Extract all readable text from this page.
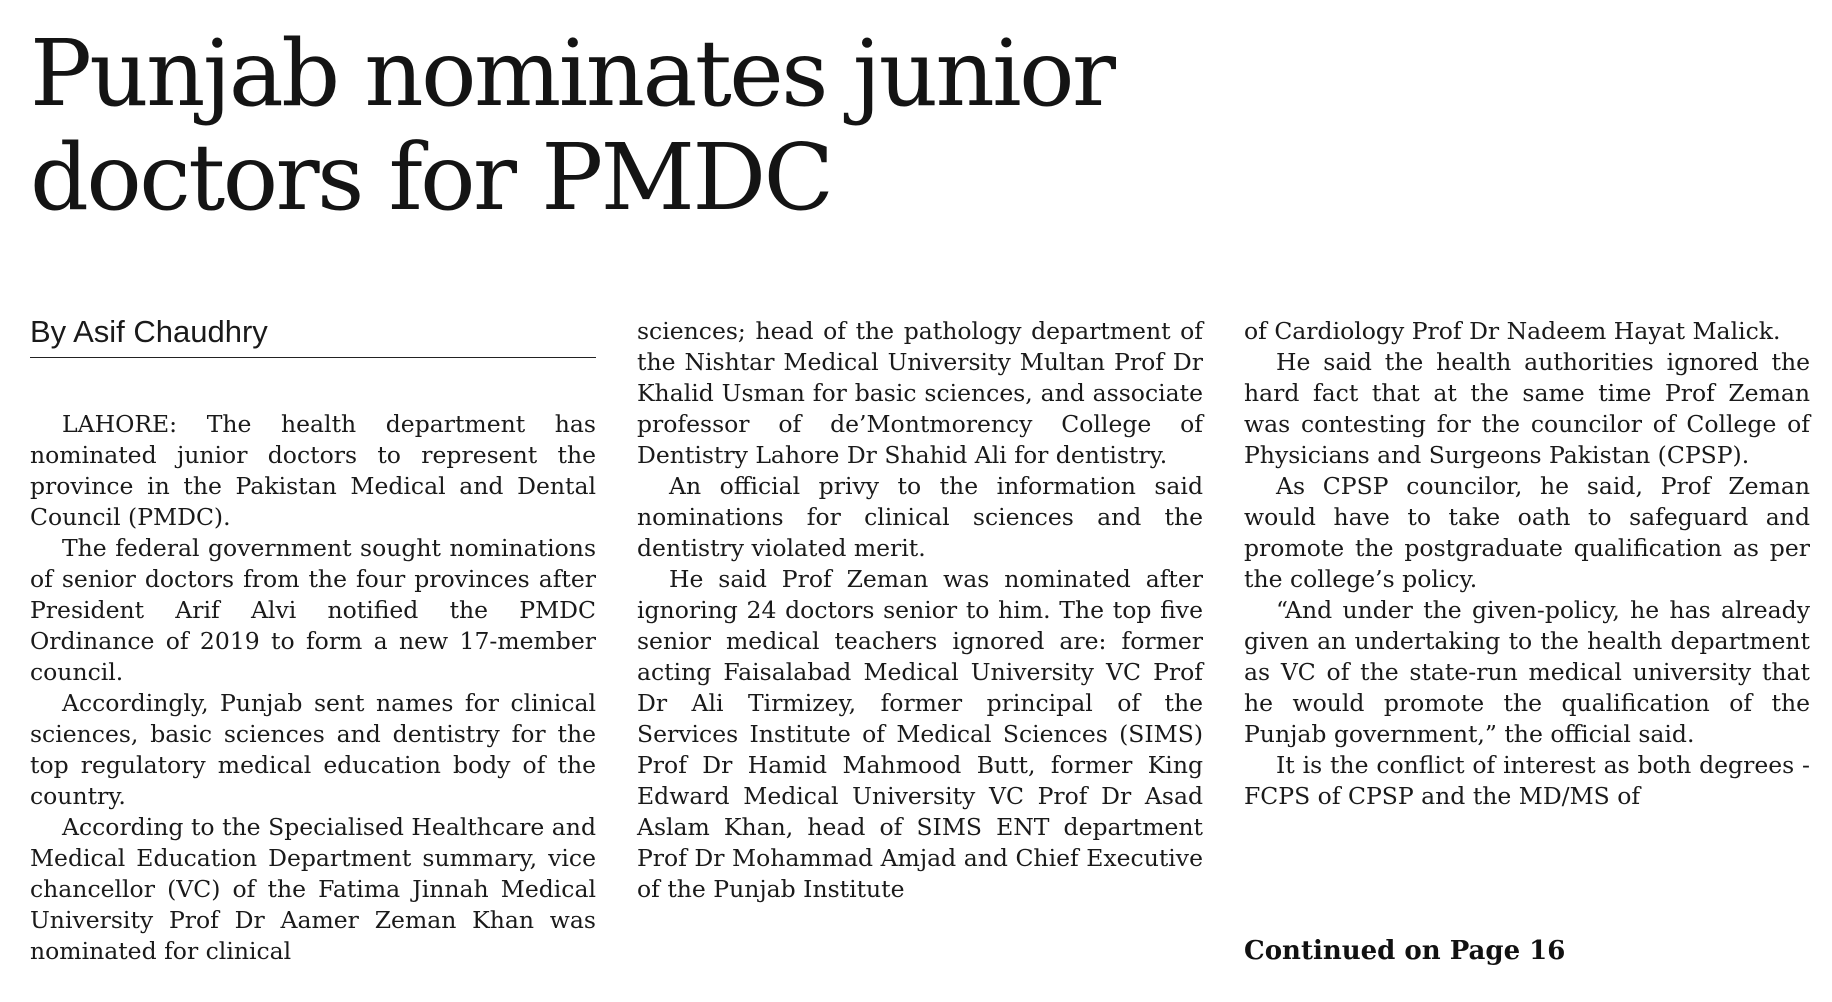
Punjab nominates junior doctors for PMDC
By Asif Chaudhry

LAHORE: The health department has nominated junior doctors to represent the province in the Pakistan Medical and Dental Council (PMDC).

The federal government sought nominations of senior doctors from the four provinces after President Arif Alvi notified the PMDC Ordinance of 2019 to form a new 17-member council.

Accordingly, Punjab sent names for clinical sciences, basic sciences and dentistry for the top regulatory medical education body of the country.

According to the Specialised Healthcare and Medical Education Department summary, vice chancellor (VC) of the Fatima Jinnah Medical University Prof Dr Aamer Zeman Khan was nominated for clinical

sciences; head of the pathology department of the Nishtar Medical University Multan Prof Dr Khalid Usman for basic sciences, and associate professor of de’Montmorency College of Dentistry Lahore Dr Shahid Ali for dentistry.

An official privy to the information said nominations for clinical sciences and the dentistry violated merit.

He said Prof Zeman was nominated after ignoring 24 doctors senior to him. The top five senior medical teachers ignored are: former acting Faisalabad Medical University VC Prof Dr Ali Tirmizey, former principal of the Services Institute of Medical Sciences (SIMS) Prof Dr Hamid Mahmood Butt, former King Edward Medical University VC Prof Dr Asad Aslam Khan, head of SIMS ENT department Prof Dr Mohammad Amjad and Chief Executive of the Punjab Institute

of Cardiology Prof Dr Nadeem Hayat Malick.

He said the health authorities ignored the hard fact that at the same time Prof Zeman was contesting for the councilor of College of Physicians and Surgeons Pakistan (CPSP).

As CPSP councilor, he said, Prof Zeman would have to take oath to safeguard and promote the postgraduate qualification as per the college’s policy.

“And under the given-policy, he has already given an undertaking to the health department as VC of the state-run medical university that he would promote the qualification of the Punjab government,” the official said.

It is the conflict of interest as both degrees - FCPS of CPSP and the MD/MS of

Continued on Page 16
